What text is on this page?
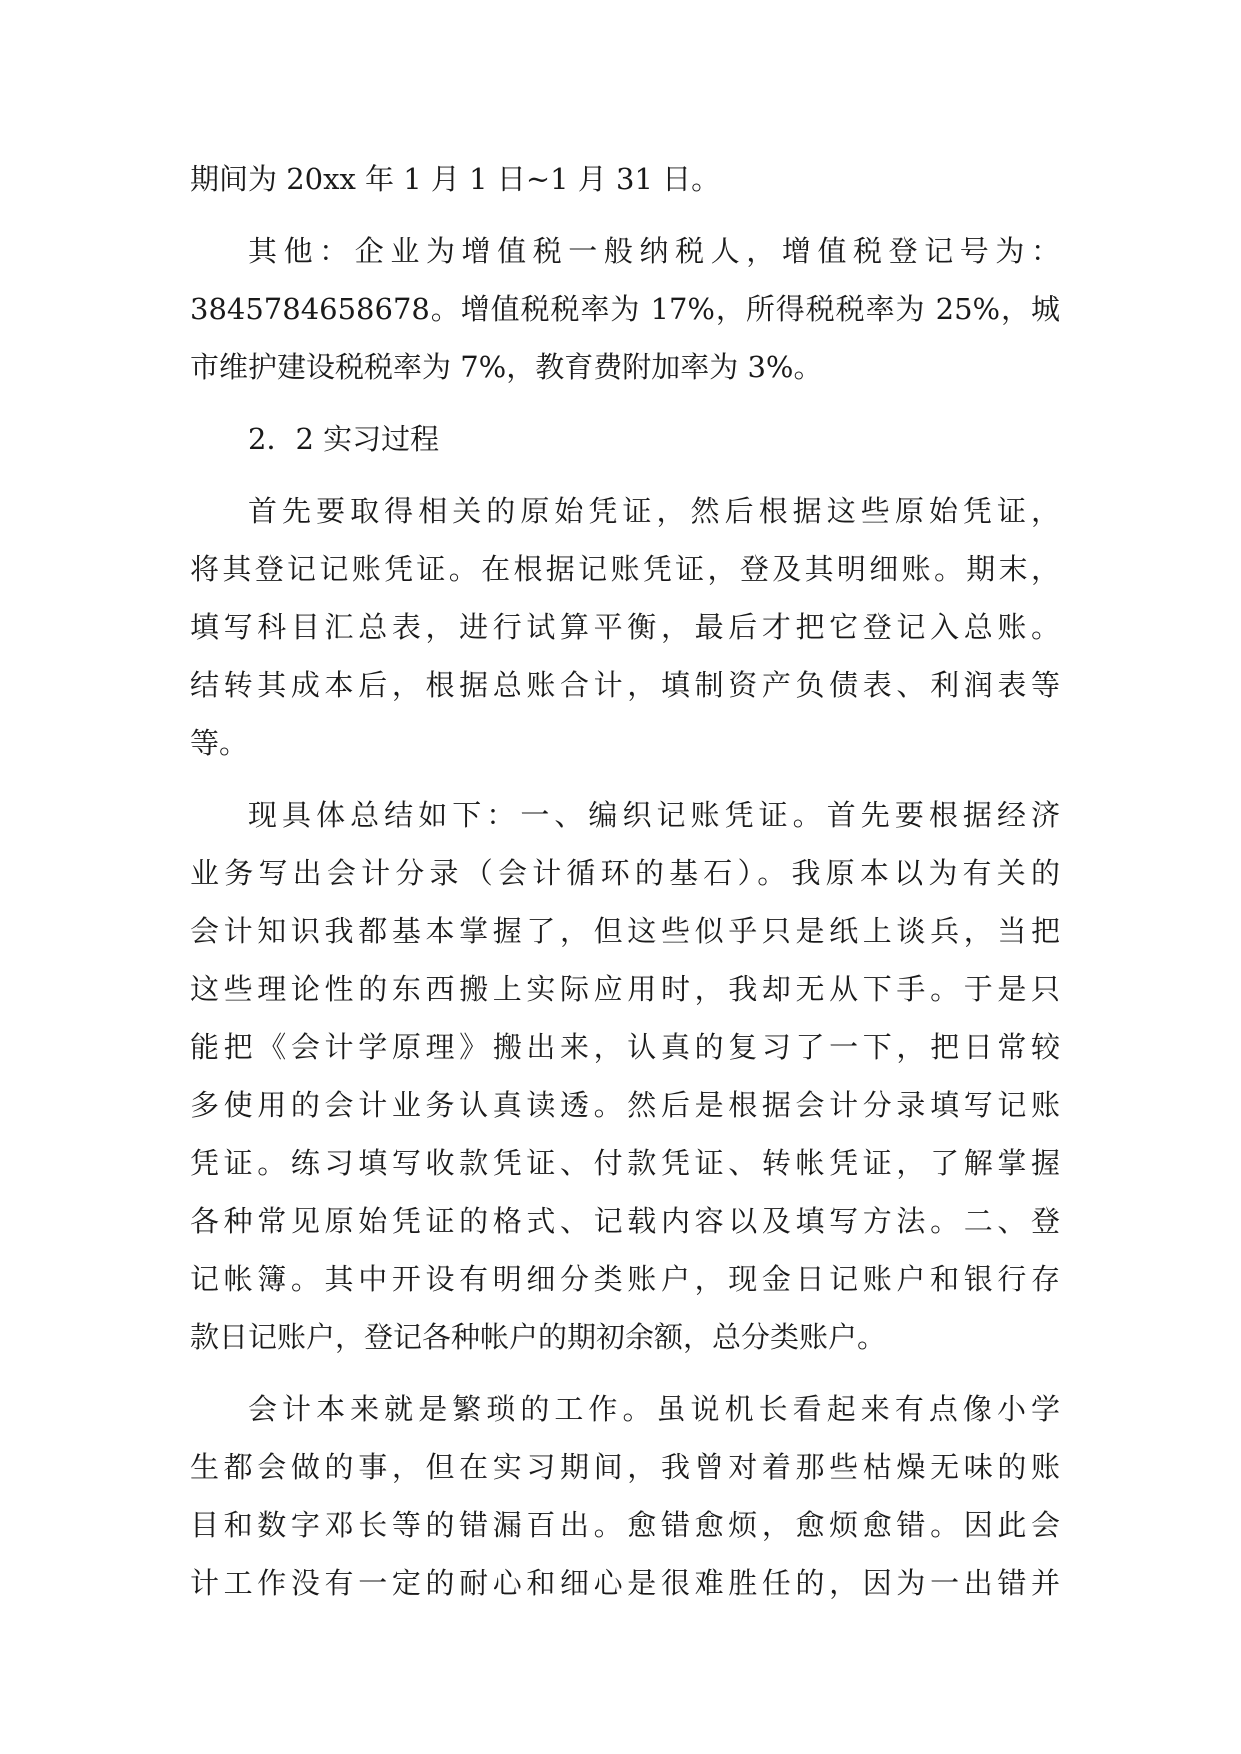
期间为 20xx 年 1 月 1 日~1 月 31 日。
其他：企业为增值税一般纳税人，增值税登记号为：
3845784658678。增值税税率为 17%，所得税税率为 25%，城
市维护建设税税率为 7%，教育费附加率为 3%。
2．2 实习过程
首先要取得相关的原始凭证，然后根据这些原始凭证，
将其登记记账凭证。在根据记账凭证，登及其明细账。期末，
填写科目汇总表，进行试算平衡，最后才把它登记入总账。
结转其成本后，根据总账合计，填制资产负债表、利润表等
等。
现具体总结如下：一、编织记账凭证。首先要根据经济
业务写出会计分录（会计循环的基石）。我原本以为有关的
会计知识我都基本掌握了，但这些似乎只是纸上谈兵，当把
这些理论性的东西搬上实际应用时，我却无从下手。于是只
能把《会计学原理》搬出来，认真的复习了一下，把日常较
多使用的会计业务认真读透。然后是根据会计分录填写记账
凭证。练习填写收款凭证、付款凭证、转帐凭证，了解掌握
各种常见原始凭证的格式、记载内容以及填写方法。二、登
记帐簿。其中开设有明细分类账户，现金日记账户和银行存
款日记账户，登记各种帐户的期初余额，总分类账户。
会计本来就是繁琐的工作。虽说机长看起来有点像小学
生都会做的事，但在实习期间，我曾对着那些枯燥无味的账
目和数字邓长等的错漏百出。愈错愈烦，愈烦愈错。因此会
计工作没有一定的耐心和细心是很难胜任的，因为一出错并
